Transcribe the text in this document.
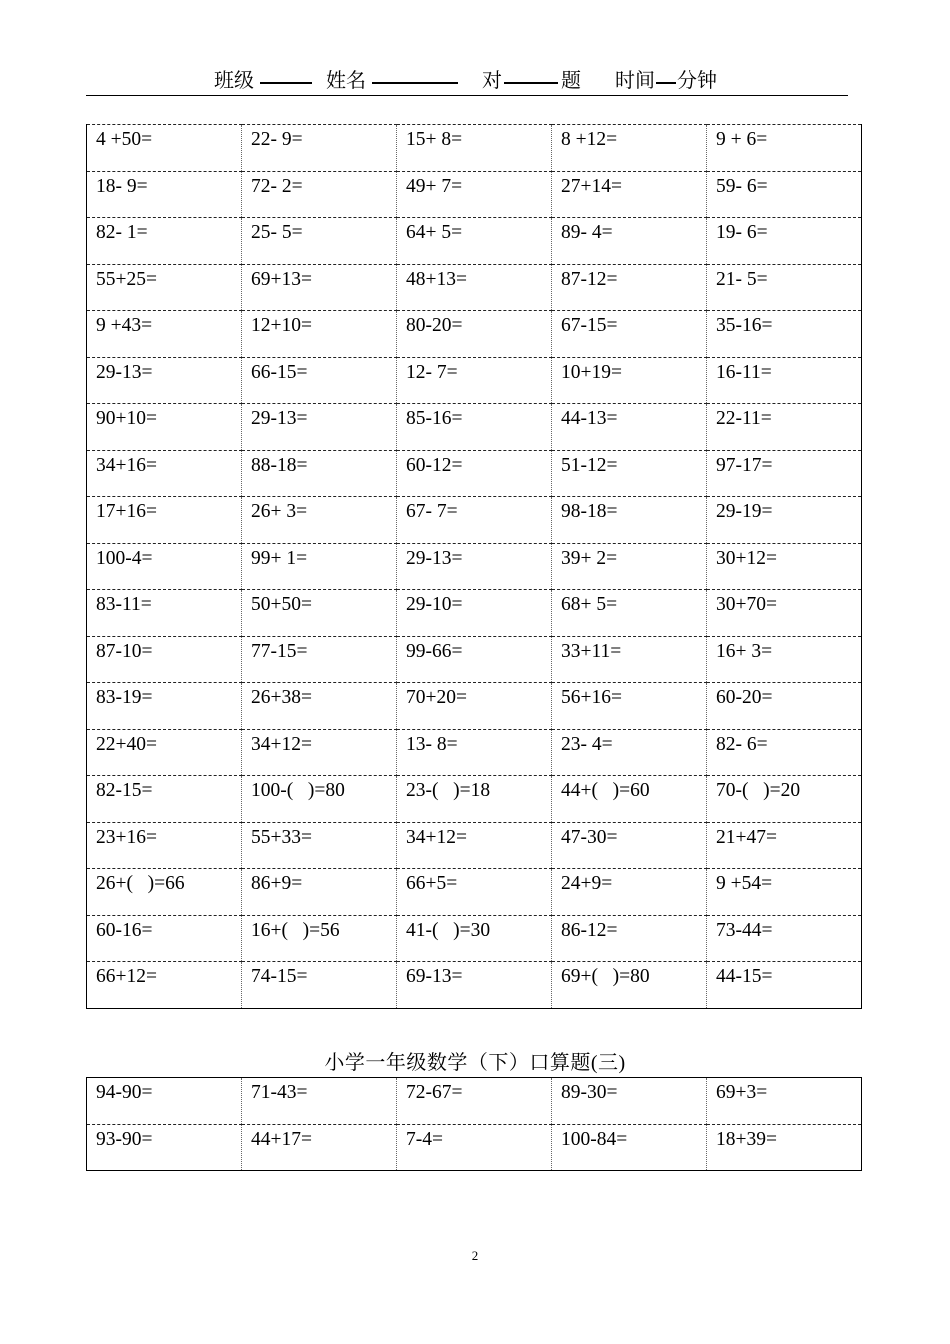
班级	姓名	对	题 时间 分钟
4 +50=	22- 9=	15+ 8=	8 +12=	9 + 6=
18- 9=	72- 2=	49+ 7=	27+14=	59- 6=
82- 1=	25- 5=	64+ 5=	89- 4=	19- 6=
55+25=	69+13=	48+13=	87-12=	21- 5=
9 +43=	12+10=	80-20=	67-15=	35-16=
29-13=	66-15=	12- 7=	10+19=	16-11=
90+10=	29-13=	85-16=	44-13=	22-11=
34+16=	88-18=	60-12=	51-12=	97-17=
17+16=	26+ 3=	67- 7=	98-18=	29-19=
100-4=	99+ 1=	29-13=	39+ 2=	30+12=
83-11=	50+50=	29-10=	68+ 5=	30+70=
87-10=	77-15=	99-66=	33+11=	16+ 3=
83-19=	26+38=	70+20=	56+16=	60-20=
22+40=	34+12=	13- 8=	23- 4=	82- 6=
82-15=	100-(   )=80	23-(   )=18	44+(   )=60	70-(   )=20
23+16=	55+33=	34+12=	47-30=	21+47=
26+(   )=66	86+9=	66+5=	24+9=	9 +54=
60-16=	16+(   )=56	41-(   )=30	86-12=	73-44=
66+12=	74-15=	69-13=	69+(   )=80	44-15=
小学一年级数学（下）口算题(三)
94-90=	71-43=	72-67=	89-30=	69+3=
93-90=	44+17=	7-4=	100-84=	18+39=
2
